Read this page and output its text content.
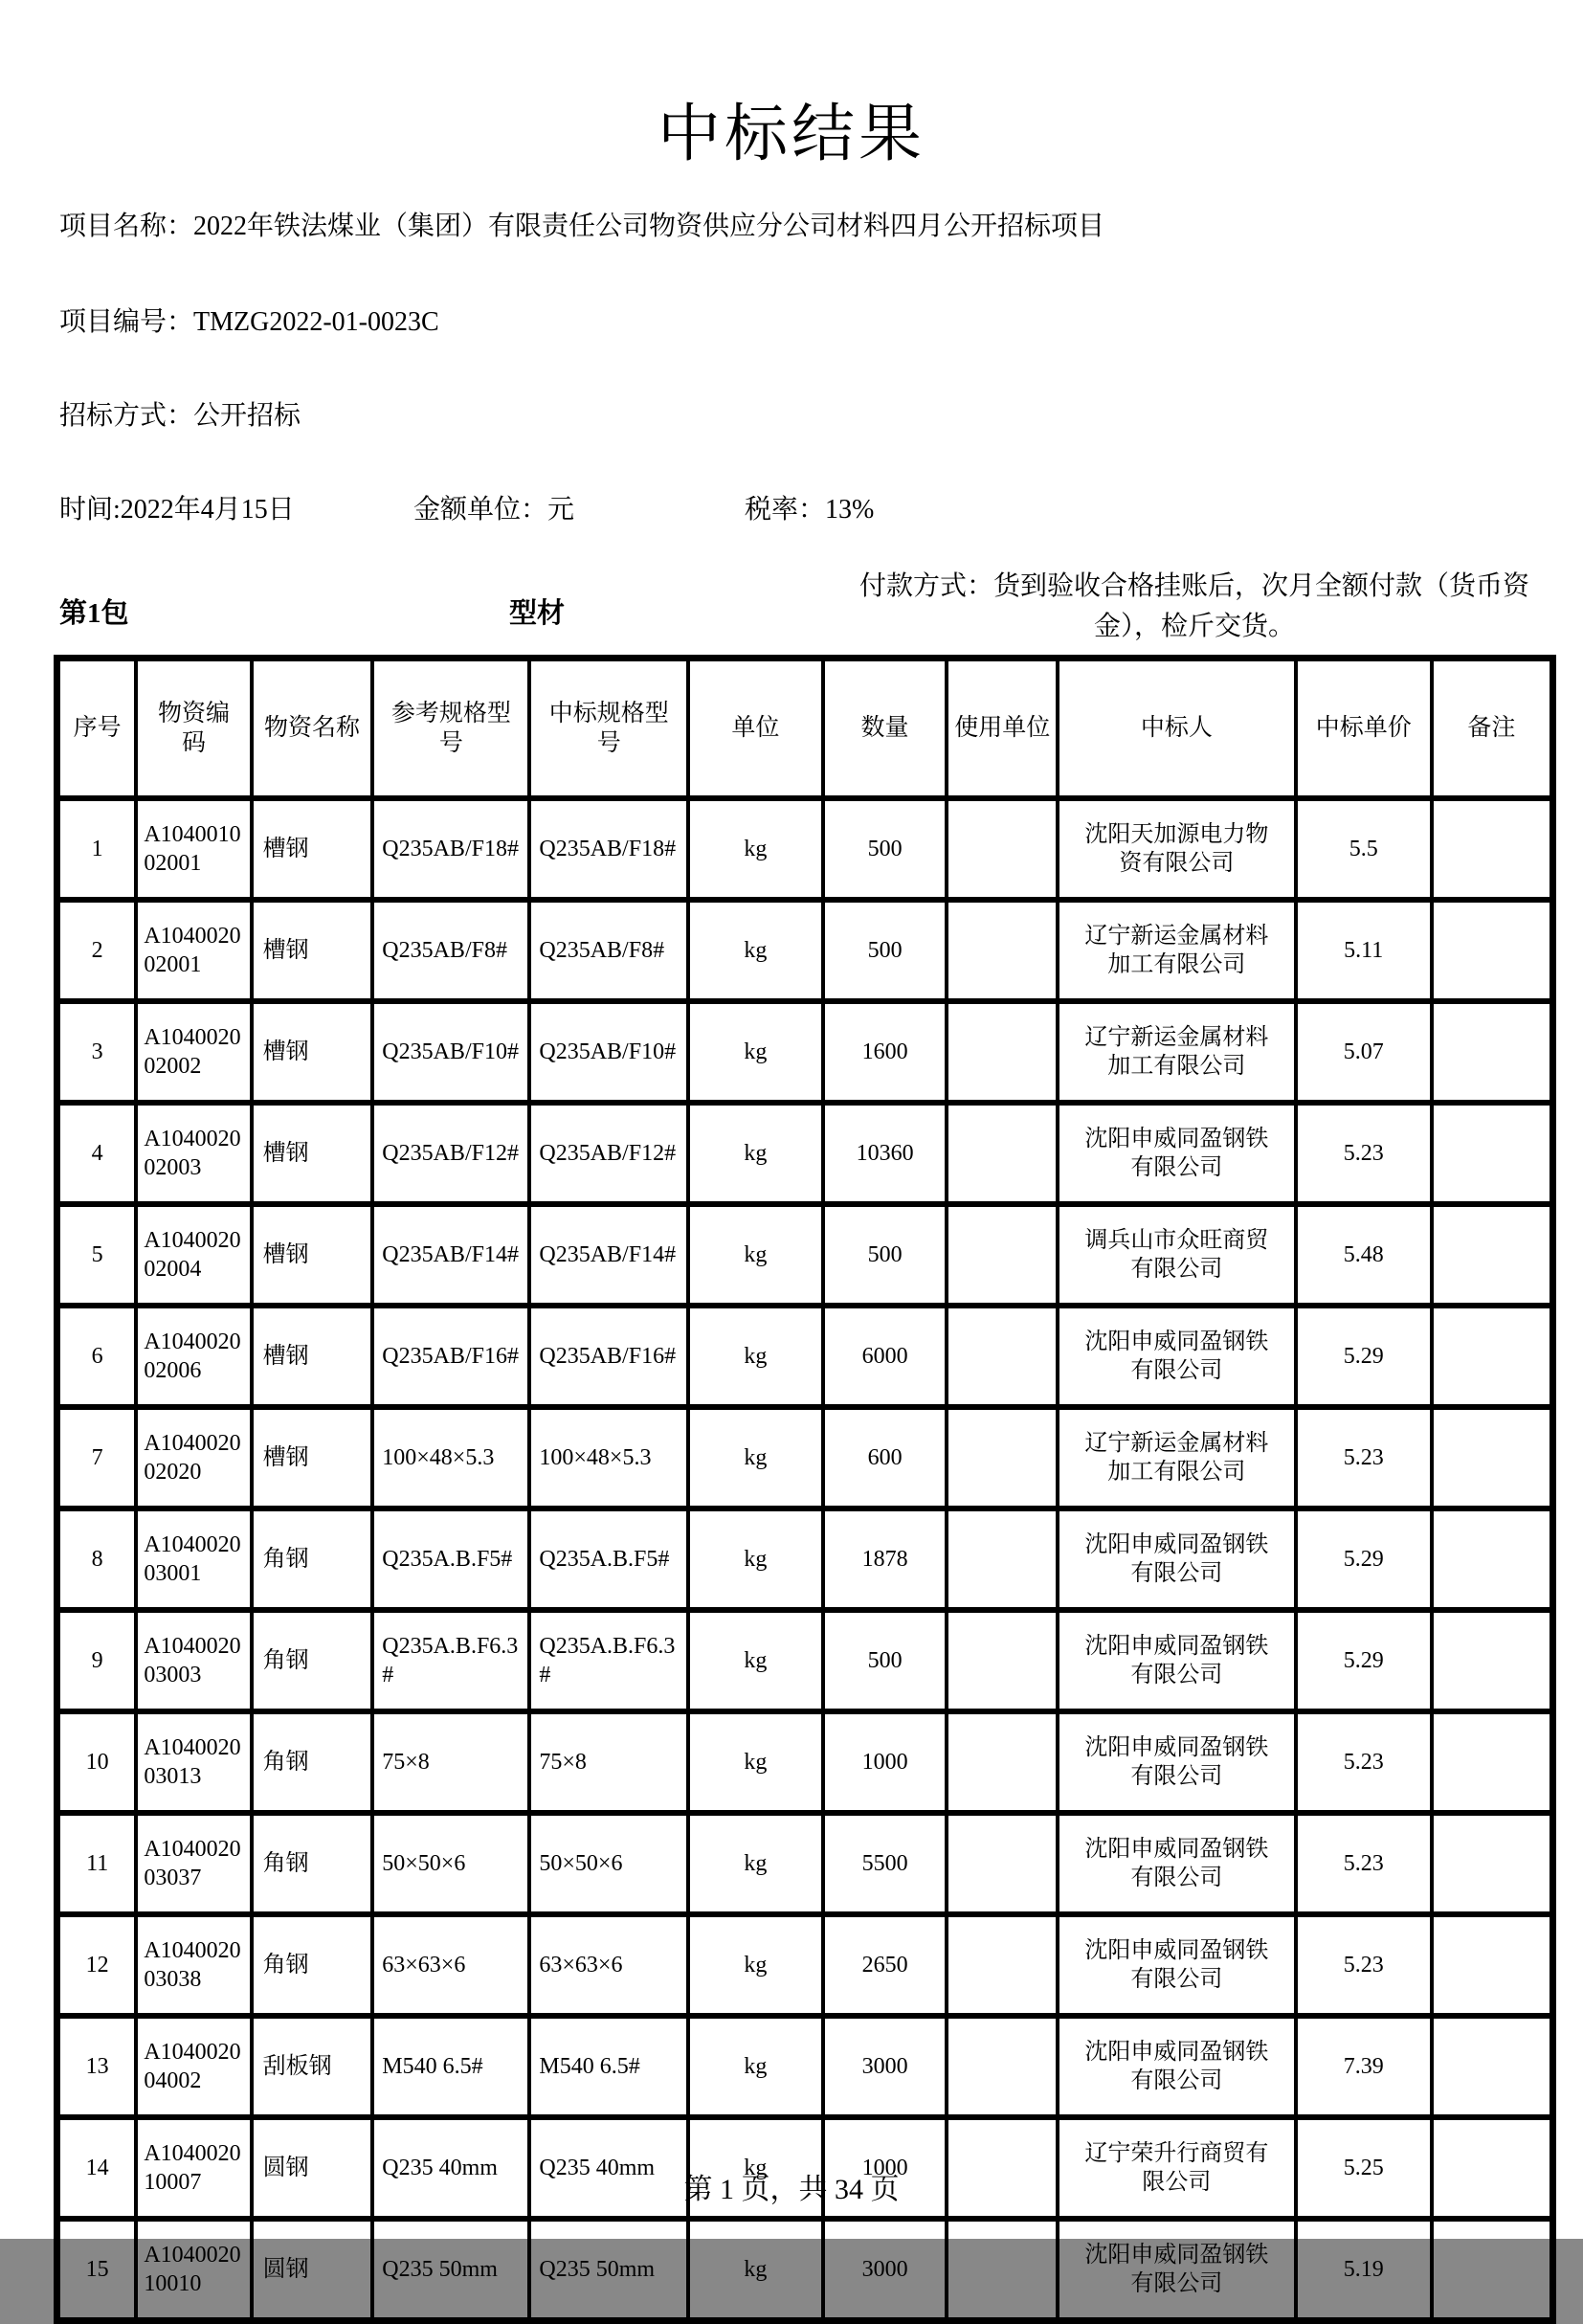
中标结果
项目名称：2022年铁法煤业（集团）有限责任公司物资供应分公司材料四月公开招标项目
项目编号：TMZG2022-01-0023C
招标方式：公开招标
时间:2022年4月15日	金额单位：元	税率：13%
第1包	型材
付款方式：货到验收合格挂账后，次月全额付款（货币资金），检斤交货。
序号	物资编码	物资名称	参考规格型号	中标规格型号	单位	数量	使用单位	中标人	中标单价	备注
1	A104001002001	槽钢	Q235AB/F18#	Q235AB/F18#	kg	500		沈阳天加源电力物资有限公司	5.5	
2	A104002002001	槽钢	Q235AB/F8#	Q235AB/F8#	kg	500		辽宁新运金属材料加工有限公司	5.11	
3	A104002002002	槽钢	Q235AB/F10#	Q235AB/F10#	kg	1600		辽宁新运金属材料加工有限公司	5.07	
4	A104002002003	槽钢	Q235AB/F12#	Q235AB/F12#	kg	10360		沈阳申威同盈钢铁有限公司	5.23	
5	A104002002004	槽钢	Q235AB/F14#	Q235AB/F14#	kg	500		调兵山市众旺商贸有限公司	5.48	
6	A104002002006	槽钢	Q235AB/F16#	Q235AB/F16#	kg	6000		沈阳申威同盈钢铁有限公司	5.29	
7	A104002002020	槽钢	100×48×5.3	100×48×5.3	kg	600		辽宁新运金属材料加工有限公司	5.23	
8	A104002003001	角钢	Q235A.B.F5#	Q235A.B.F5#	kg	1878		沈阳申威同盈钢铁有限公司	5.29	
9	A104002003003	角钢	Q235A.B.F6.3#	Q235A.B.F6.3#	kg	500		沈阳申威同盈钢铁有限公司	5.29	
10	A104002003013	角钢	75×8	75×8	kg	1000		沈阳申威同盈钢铁有限公司	5.23	
11	A104002003037	角钢	50×50×6	50×50×6	kg	5500		沈阳申威同盈钢铁有限公司	5.23	
12	A104002003038	角钢	63×63×6	63×63×6	kg	2650		沈阳申威同盈钢铁有限公司	5.23	
13	A104002004002	刮板钢	M540 6.5#	M540 6.5#	kg	3000		沈阳申威同盈钢铁有限公司	7.39	
14	A104002010007	圆钢	Q235 40mm	Q235 40mm	kg	1000		辽宁荣升行商贸有限公司	5.25	
15	A104002010010	圆钢	Q235 50mm	Q235 50mm	kg	3000		沈阳申威同盈钢铁有限公司	5.19	
第 1 页，共 34 页
